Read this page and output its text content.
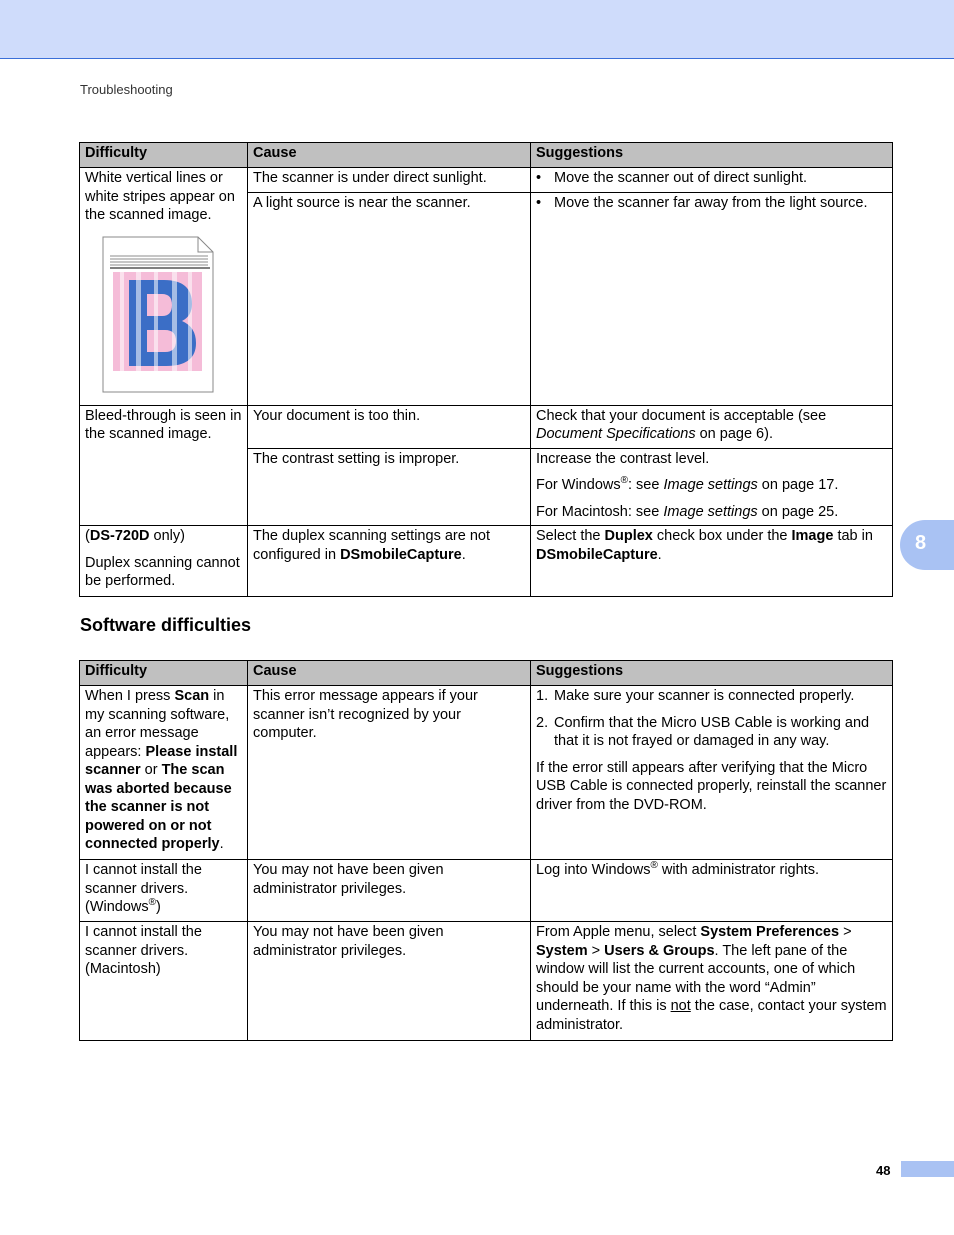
Troubleshooting
8
Difficulty	Cause	Suggestions

White vertical lines or white stripes appear on the scanned image.	The scanner is under direct sunlight.	• Move the scanner out of direct sunlight.

	A light source is near the scanner.	• Move the scanner far away from the light source.

Bleed-through is seen in the scanned image.	Your document is too thin.	Check that your document is acceptable (see Document Specifications on page 6).
	The contrast setting is improper.	Increase the contrast level.
For Windows®: see Image settings on page 17.
For Macintosh: see Image settings on page 25.

(DS-720D only)
Duplex scanning cannot be performed.	The duplex scanning settings are not configured in DSmobileCapture.	Select the Duplex check box under the Image tab in DSmobileCapture.
Software difficulties
Difficulty	Cause	Suggestions
When I press Scan in my scanning software, an error message appears: Please install scanner or The scan was aborted because the scanner is not powered on or not connected properly.	This error message appears if your scanner isn’t recognized by your computer.	1. Make sure your scanner is connected properly.
2. Confirm that the Micro USB Cable is working and that it is not frayed or damaged in any way.
If the error still appears after verifying that the Micro USB Cable is connected properly, reinstall the scanner driver from the DVD-ROM.

I cannot install the scanner drivers. (Windows®)	You may not have been given administrator privileges.	Log into Windows® with administrator rights.
I cannot install the scanner drivers. (Macintosh)	You may not have been given administrator privileges.	From Apple menu, select System Preferences > System > Users & Groups. The left pane of the window will list the current accounts, one of which should be your name with the word “Admin” underneath. If this is not the case, contact your system administrator.
48
